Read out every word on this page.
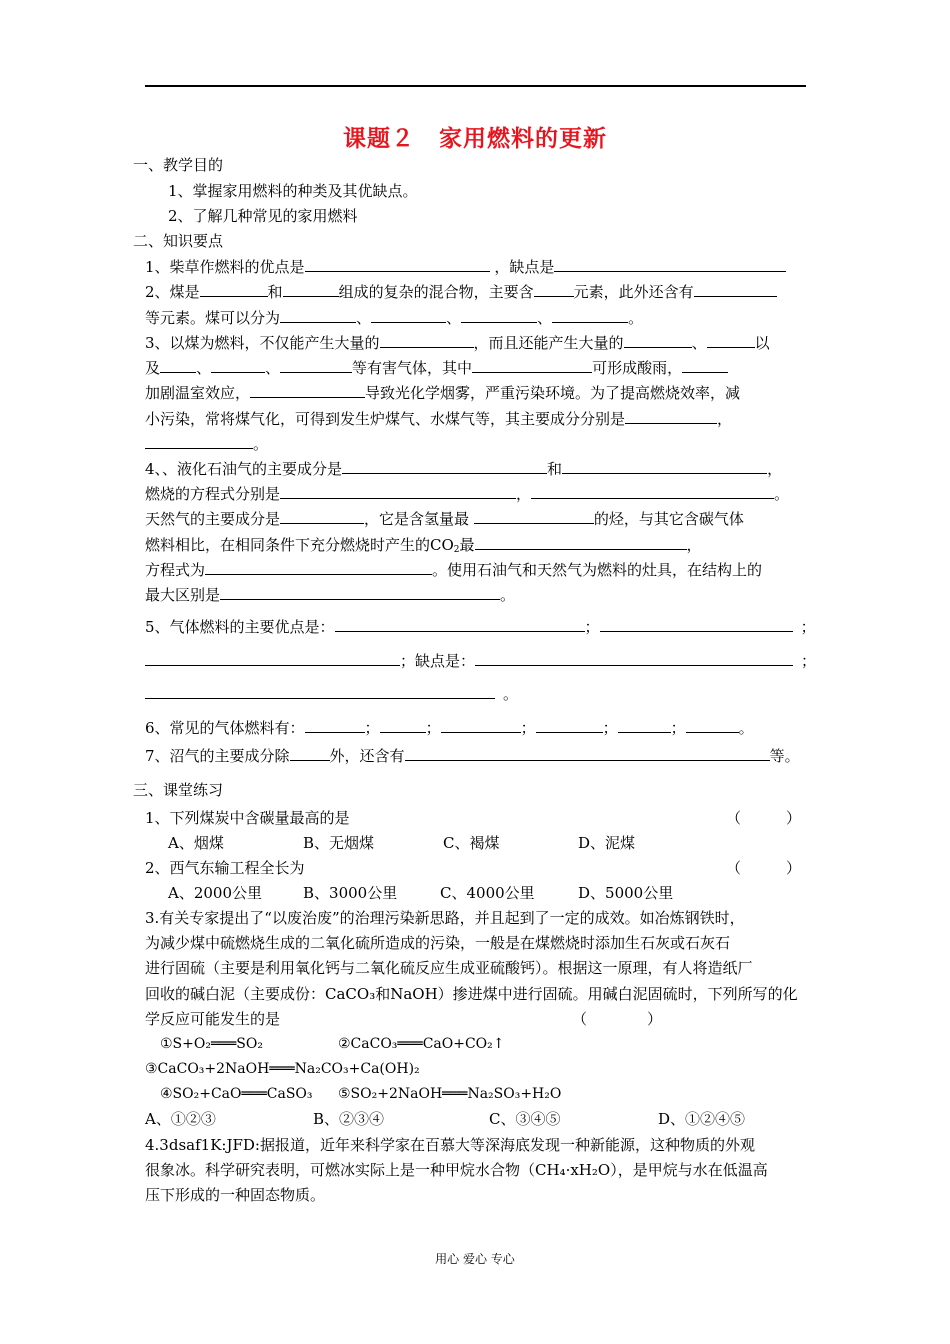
课题２　家用燃料的更新
一、教学目的
1、掌握家用燃料的种类及其优缺点。
2、了解几种常见的家用燃料
二、知识要点
1、柴草作燃料的优点是	，缺点是
2、煤是	和	组成的复杂的混合物，主要含	元素，此外还含有
等元素。煤可以分为	、	、	、	。
3、以煤为燃料，不仅能产生大量的	，而且还能产生大量的	、	以
及 、	、	等有害气体，其中	可形成酸雨，
加剧温室效应，	导致光化学烟雾，严重污染环境。为了提高燃烧效率，减
小污染，常将煤气化，可得到发生炉煤气、水煤气等，其主要成分分别是	，
。
4、、液化石油气的主要成分是	和	，
燃烧的方程式分别是	，	。
天然气的主要成分是	，它是含氢量最	的烃，与其它含碳气体
燃料相比，在相同条件下充分燃烧时产生的$CO_2$最	，
方程式为	。使用石油气和天然气为燃料的灶具，在结构上的
最大区别是	。
5、气体燃料的主要优点是：	；	；
；缺点是：	；
。
6、常见的气体燃料有：	；	；	；	；	；	。
7、沼气的主要成分除	外，还含有	等。
三、课堂练习
1、下列煤炭中含碳量最高的是	（　　　）
A、烟煤	B、无烟煤	C、褐煤	D、泥煤
2、西气东输工程全长为	（　　　）
A、2000公里	B、3000公里	C、4000公里	D、5000公里
3.有关专家提出了“以废治废”的治理污染新思路，并且起到了一定的成效。如冶炼钢铁时，
为减少煤中硫燃烧生成的二氧化硫所造成的污染，一般是在煤燃烧时添加生石灰或石灰石
进行固硫（主要是利用氧化钙与二氧化硫反应生成亚硫酸钙）。根据这一原理，有人将造纸厂
回收的碱白泥（主要成份：CaCO₃和NaOH）掺进煤中进行固硫。用碱白泥固硫时，下列所写的化
学反应可能发生的是	（　　　　）
①S+O₂═══SO₂	②CaCO₃═══CaO+CO₂↑
③CaCO₃+2NaOH═══Na₂CO₃+Ca(OH)₂
④SO₂+CaO═══CaSO₃ ⑤SO₂+2NaOH═══Na₂SO₃+H₂O
A、①②③	B、②③④	C、③④⑤	D、①②④⑤
4.3dsaf1K:JFD:据报道，近年来科学家在百慕大等深海底发现一种新能源，这种物质的外观
很象冰。科学研究表明，可燃冰实际上是一种甲烷水合物（CH₄·xH₂O），是甲烷与水在低温高
压下形成的一种固态物质。
用心 爱心 专心
